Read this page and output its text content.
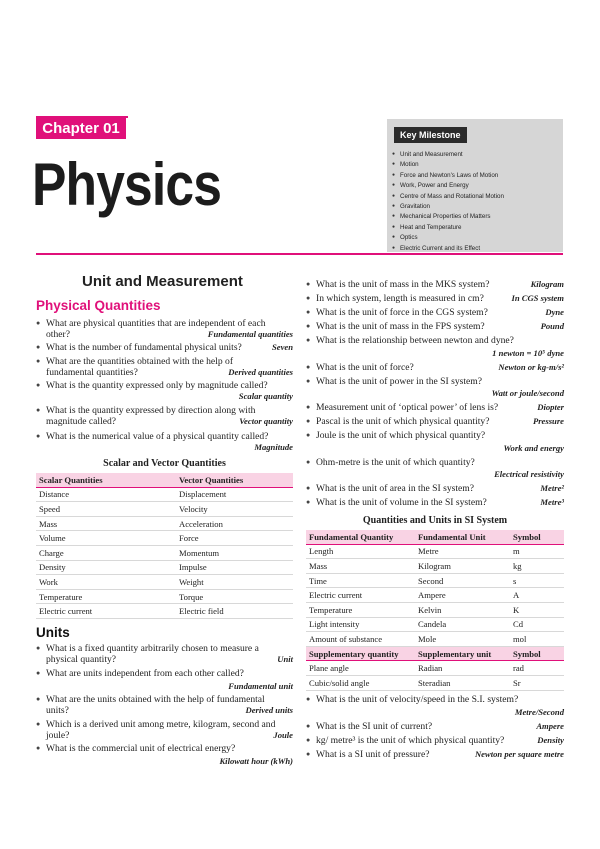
Chapter 01
Physics
Key Milestone
● Unit and Measurement
● Motion
● Force and Newton's Laws of Motion
● Work, Power and Energy
● Centre of Mass and Rotational Motion
● Gravitation
● Mechanical Properties of Matters
● Heat and Temperature
● Optics
● Electric Current and its Effect
Unit and Measurement
Physical Quantities
● What are physical quantities that are independent of each other?	Fundamental quantities
● What is the number of fundamental physical units?	Seven
● What are the quantities obtained with the help of fundamental quantities?	Derived quantities
● What is the quantity expressed only by magnitude called?
Scalar quantity
● What is the quantity expressed by direction along with magnitude called?	Vector quantity
● What is the numerical value of a physical quantity called?
Magnitude
Scalar and Vector Quantities
Scalar Quantities	Vector Quantities
Distance	Displacement
Speed	Velocity
Mass	Acceleration
Volume	Force
Charge	Momentum
Density	Impulse
Work	Weight
Temperature	Torque
Electric current	Electric field
Units
● What is a fixed quantity arbitrarily chosen to measure a physical quantity?	Unit
● What are units independent from each other called?
Fundamental unit
● What are the units obtained with the help of fundamental units?	Derived units
● Which is a derived unit among metre, kilogram, second and joule?	Joule
● What is the commercial unit of electrical energy?
Kilowatt hour (kWh)
● What is the unit of mass in the MKS system?	Kilogram
● In which system, length is measured in cm?	In CGS system
● What is the unit of force in the CGS system?	Dyne
● What is the unit of mass in the FPS system?	Pound
● What is the relationship between newton and dyne?
1 newton = 10⁵ dyne
● What is the unit of force?	Newton or kg-m/s²
● What is the unit of power in the SI system?
Watt or joule/second
● Measurement unit of ‘optical power’ of lens is?	Diopter
● Pascal is the unit of which physical quantity?	Pressure
● Joule is the unit of which physical quantity?
Work and energy
● Ohm-metre is the unit of which quantity?
Electrical resistivity
● What is the unit of area in the SI system?	Metre²
● What is the unit of volume in the SI system?	Metre³
Quantities and Units in SI System
Fundamental Quantity	Fundamental Unit	Symbol
Length	Metre	m
Mass	Kilogram	kg
Time	Second	s
Electric current	Ampere	A
Temperature	Kelvin	K
Light intensity	Candela	Cd
Amount of substance	Mole	mol
Supplementary quantity	Supplementary unit	Symbol
Plane angle	Radian	rad
Cubic/solid angle	Steradian	Sr
● What is the unit of velocity/speed in the S.I. system?
Metre/Second
● What is the SI unit of current?	Ampere
● kg/ metre³ is the unit of which physical quantity?	Density
● What is a SI unit of pressure?	Newton per square metre
